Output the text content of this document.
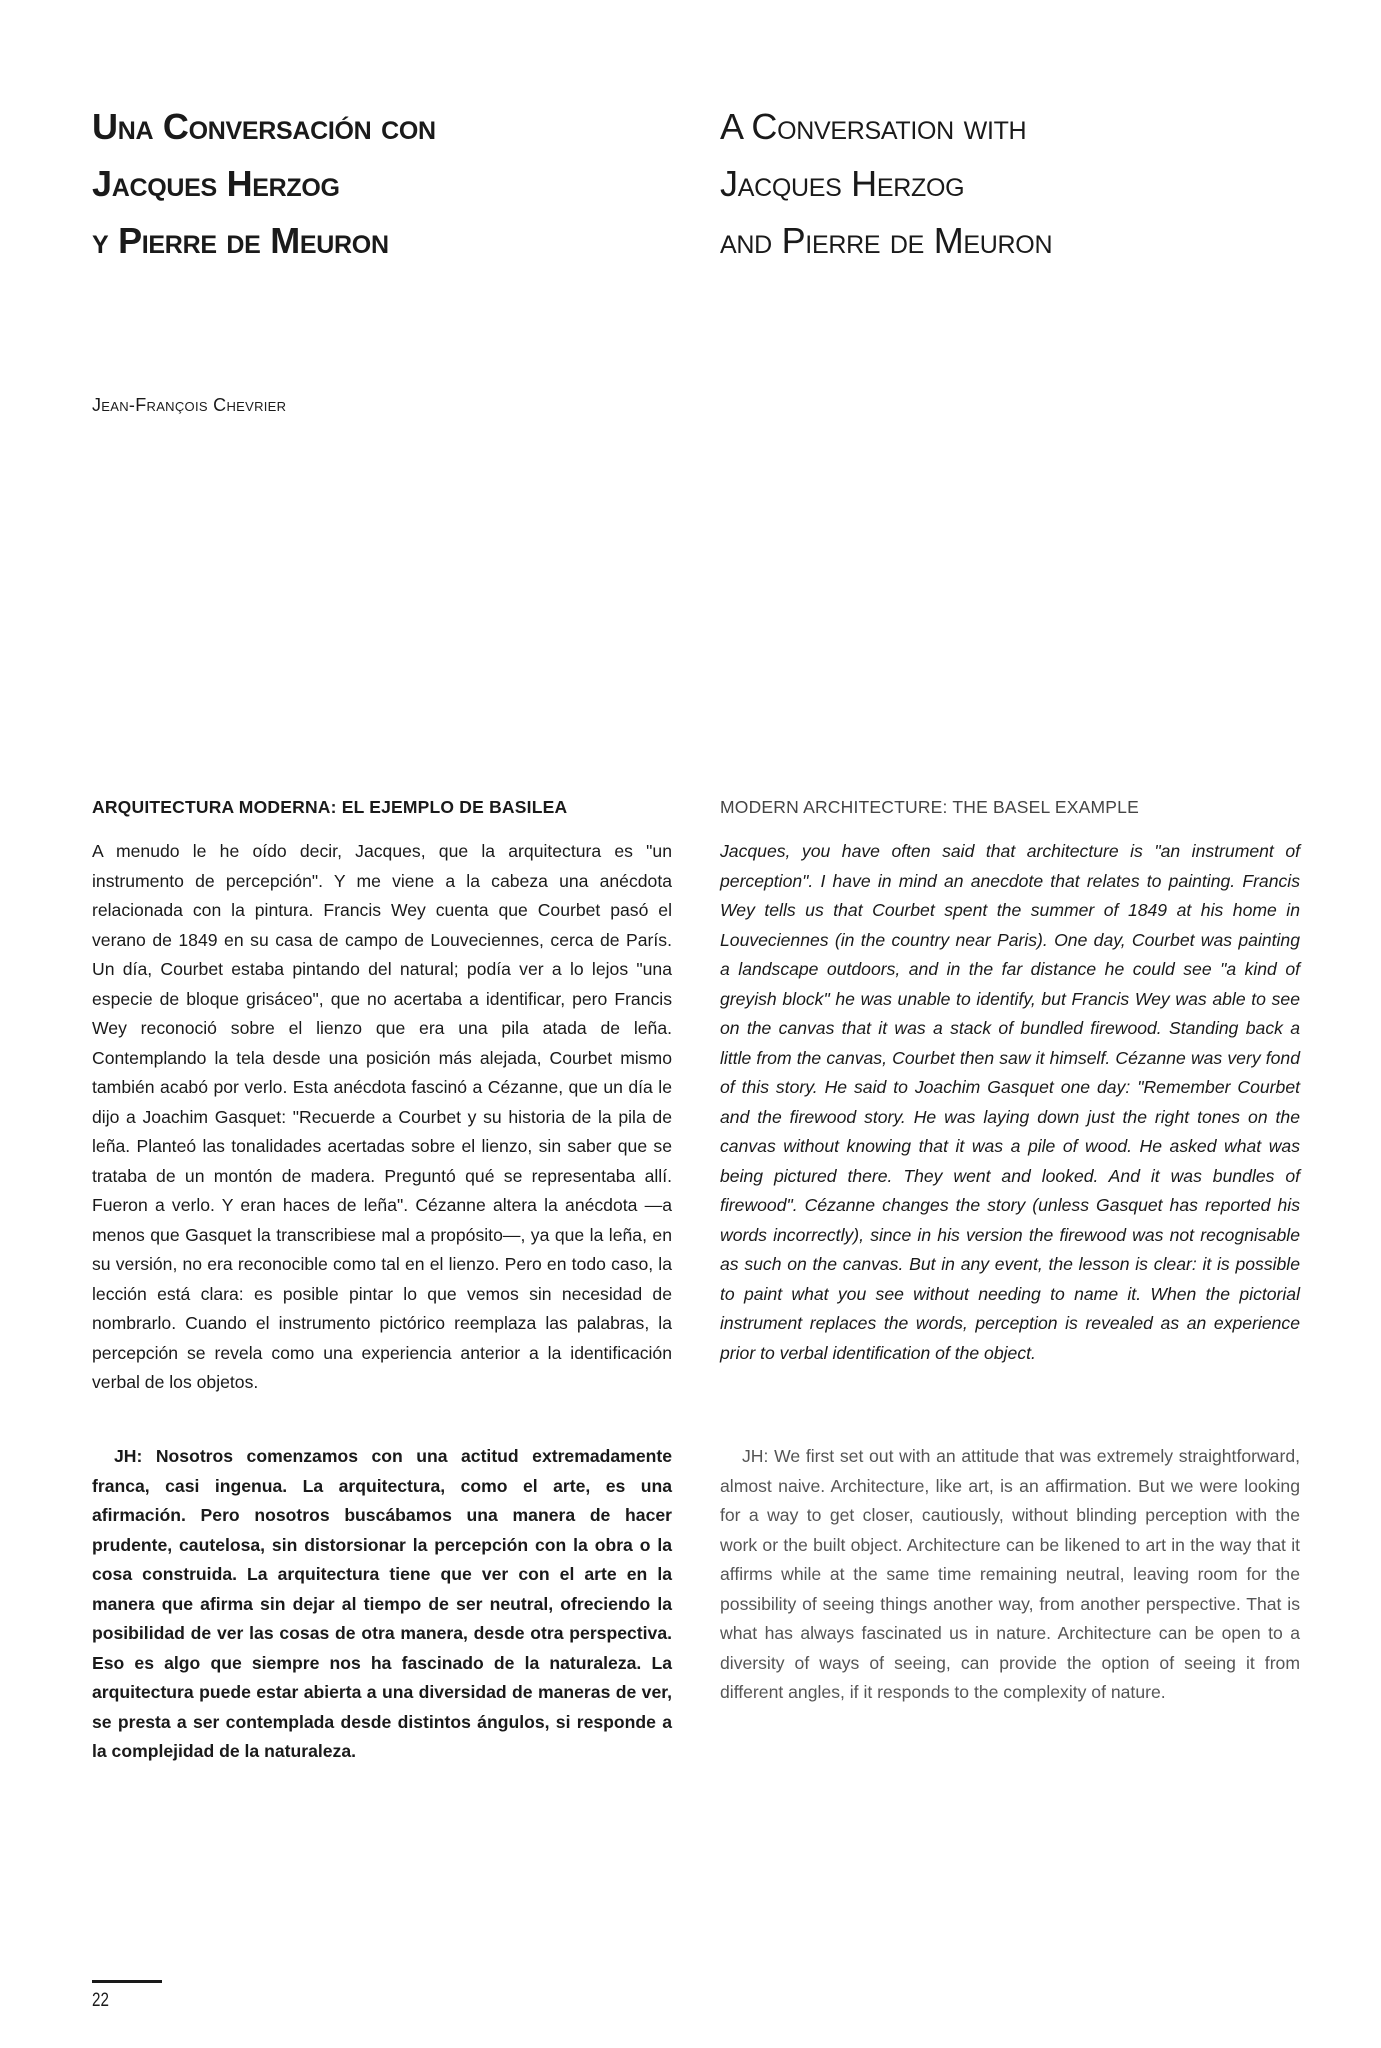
Una Conversación con
Jacques Herzog
y Pierre de Meuron
A Conversation with
Jacques Herzog
and Pierre de Meuron

Jean-François Chevrier

ARQUITECTURA MODERNA: EL EJEMPLO DE BASILEA	MODERN ARCHITECTURE: THE BASEL EXAMPLE

A menudo le he oído decir, Jacques, que la arquitectura es "un instrumento de percepción". Y me viene a la cabeza una anécdota relacionada con la pintura. Francis Wey cuenta que Courbet pasó el verano de 1849 en su casa de campo de Louveciennes, cerca de París. Un día, Courbet estaba pintando del natural; podía ver a lo lejos "una especie de bloque grisáceo", que no acertaba a identificar, pero Francis Wey reconoció sobre el lienzo que era una pila atada de leña. Contemplando la tela desde una posición más alejada, Courbet mismo también acabó por verlo. Esta anécdota fascinó a Cézanne, que un día le dijo a Joachim Gasquet: "Recuerde a Courbet y su historia de la pila de leña. Planteó las tonalidades acertadas sobre el lienzo, sin saber que se trataba de un montón de madera. Preguntó qué se representaba allí. Fueron a verlo. Y eran haces de leña". Cézanne altera la anécdota —a menos que Gasquet la transcribiese mal a propósito—, ya que la leña, en su versión, no era reconocible como tal en el lienzo. Pero en todo caso, la lección está clara: es posible pintar lo que vemos sin necesidad de nombrarlo. Cuando el instrumento pictórico reemplaza las palabras, la percepción se revela como una experiencia anterior a la identificación verbal de los objetos.

JH: Nosotros comenzamos con una actitud extremadamente franca, casi ingenua. La arquitectura, como el arte, es una afirmación. Pero nosotros buscábamos una manera de hacer prudente, cautelosa, sin distorsionar la percepción con la obra o la cosa construida. La arquitectura tiene que ver con el arte en la manera que afirma sin dejar al tiempo de ser neutral, ofreciendo la posibilidad de ver las cosas de otra manera, desde otra perspectiva. Eso es algo que siempre nos ha fascinado de la naturaleza. La arquitectura puede estar abierta a una diversidad de maneras de ver, se presta a ser contemplada desde distintos ángulos, si responde a la complejidad de la naturaleza.

Jacques, you have often said that architecture is "an instrument of perception". I have in mind an anecdote that relates to painting. Francis Wey tells us that Courbet spent the summer of 1849 at his home in Louveciennes (in the country near Paris). One day, Courbet was painting a landscape outdoors, and in the far distance he could see "a kind of greyish block" he was unable to identify, but Francis Wey was able to see on the canvas that it was a stack of bundled firewood. Standing back a little from the canvas, Courbet then saw it himself. Cézanne was very fond of this story. He said to Joachim Gasquet one day: "Remember Courbet and the firewood story. He was laying down just the right tones on the canvas without knowing that it was a pile of wood. He asked what was being pictured there. They went and looked. And it was bundles of firewood". Cézanne changes the story (unless Gasquet has reported his words incorrectly), since in his version the firewood was not recognisable as such on the canvas. But in any event, the lesson is clear: it is possible to paint what you see without needing to name it. When the pictorial instrument replaces the words, perception is revealed as an experience prior to verbal identification of the object.

JH: We first set out with an attitude that was extremely straightforward, almost naive. Architecture, like art, is an affirmation. But we were looking for a way to get closer, cautiously, without blinding perception with the work or the built object. Architecture can be likened to art in the way that it affirms while at the same time remaining neutral, leaving room for the possibility of seeing things another way, from another perspective. That is what has always fascinated us in nature. Architecture can be open to a diversity of ways of seeing, can provide the option of seeing it from different angles, if it responds to the complexity of nature.

22
